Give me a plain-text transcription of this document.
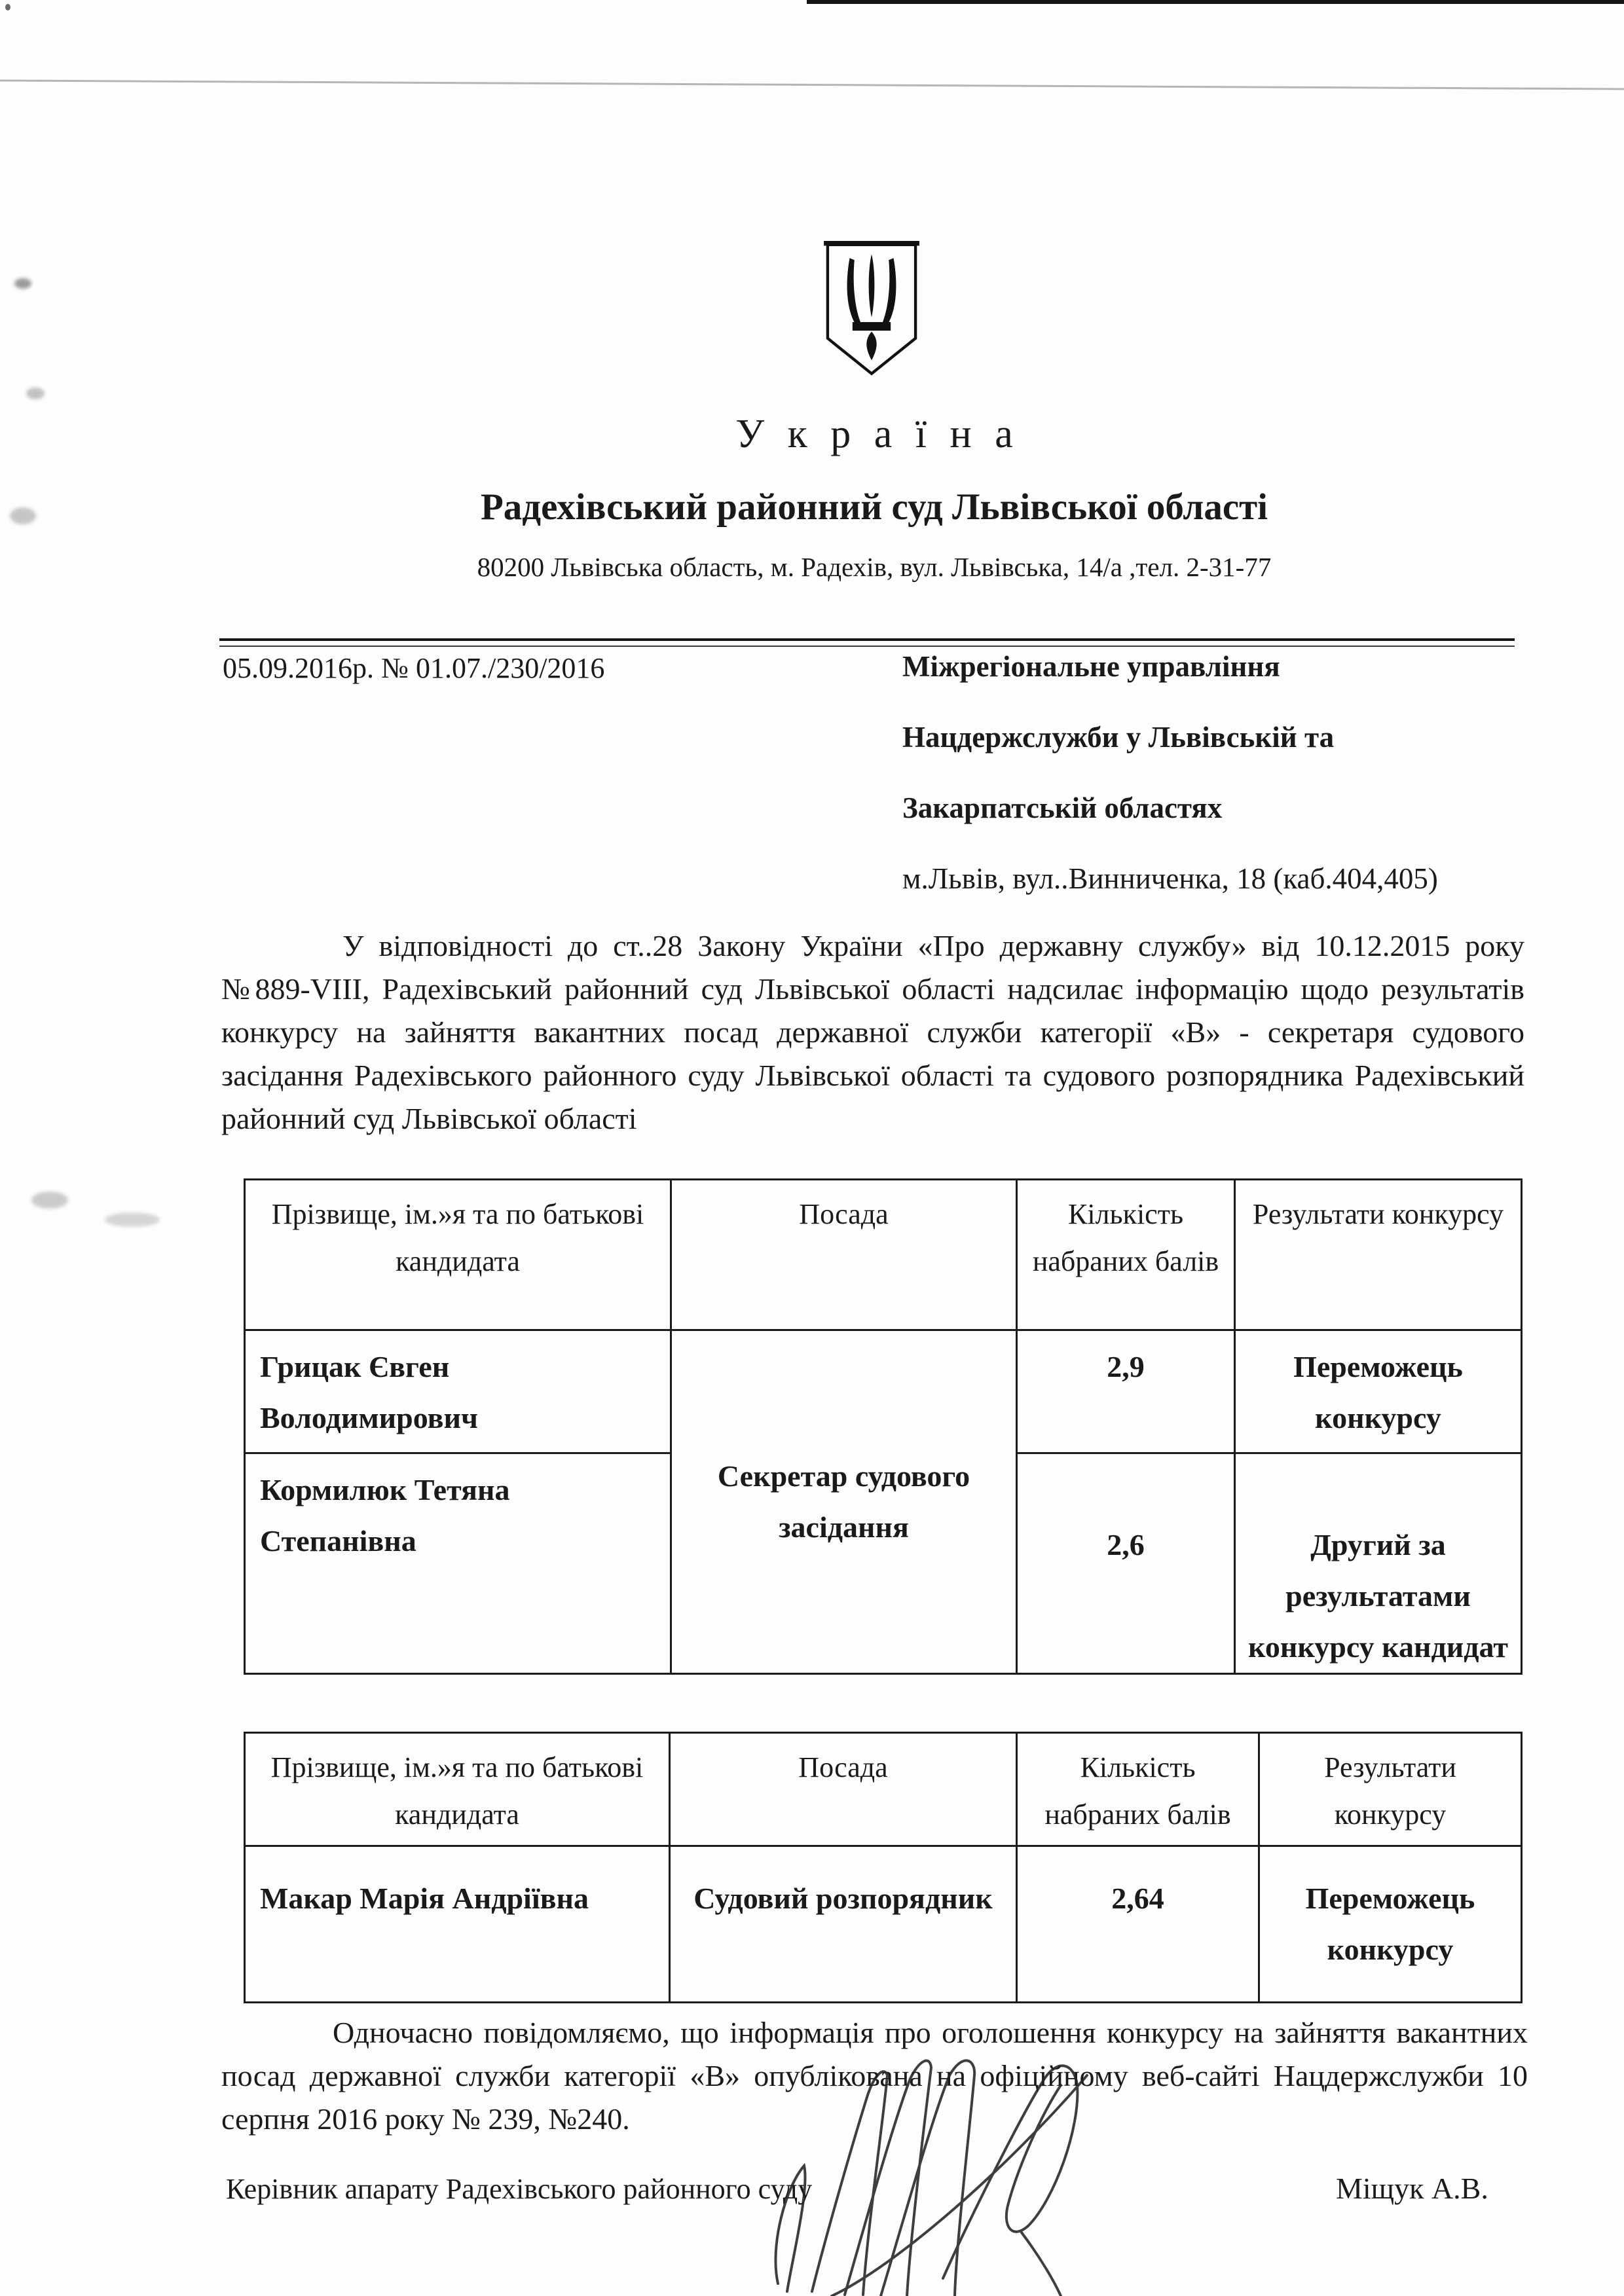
У к р а ї н а
Радехівський районний суд Львівської області
80200 Львівська область, м. Радехів, вул. Львівська, 14/а ,тел. 2-31-77
05.09.2016р. № 01.07./230/2016	Міжрегіональне управління
Нацдержслужби у Львівській та
Закарпатській областях
м.Львів, вул..Винниченка, 18 (каб.404,405)
У відповідності до ст..28 Закону України «Про державну службу» від 10.12.2015 року №889-VIII, Радехівський районний суд Львівської області надсилає інформацію щодо результатів конкурсу на зайняття вакантних посад державної служби категорії «В» - секретаря судового засідання Радехівського районного суду Львівської області та судового розпорядника Радехівський районний суд Львівської області
Прізвище, ім.»я та по батькові кандидата	Посада	Кількість набраних балів	Результати конкурсу
Грицак Євген Володимирович	Секретар судового засідання	2,9	Переможець конкурсу
Кормилюк Тетяна Степанівна		2,6	Другий за результатами конкурсу кандидат
Прізвище, ім.»я та по батькові кандидата	Посада	Кількість набраних балів	Результати конкурсу
Макар Марія Андріївна	Судовий розпорядник	2,64	Переможець конкурсу
Одночасно повідомляємо, що інформація про оголошення конкурсу на зайняття вакантних посад державної служби категорії «В» опублікована на офіційному веб-сайті Нацдержслужби 10 серпня 2016 року № 239, №240.
Керівник апарату Радехівського районного суду	Міщук А.В.
